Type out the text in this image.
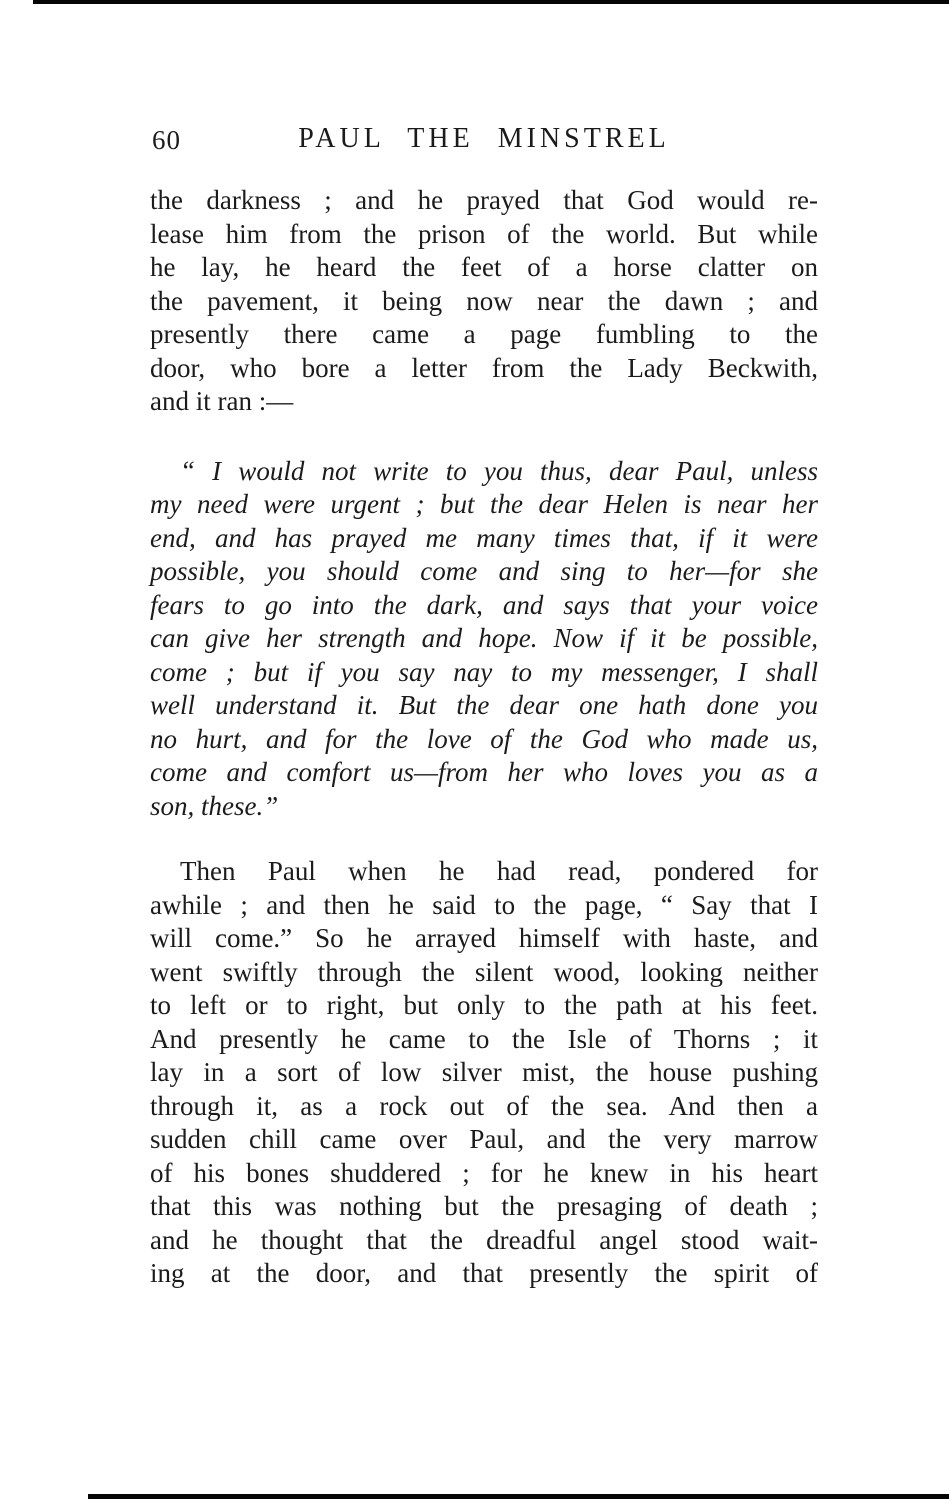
60	PAUL THE MINSTREL
the darkness ; and he prayed that God would re-
lease him from the prison of the world. But while
he lay, he heard the feet of a horse clatter on
the pavement, it being now near the dawn ; and
presently there came a page fumbling to the
door, who bore a letter from the Lady Beckwith,
and it ran :—
“ I would not write to you thus, dear Paul, unless
my need were urgent ; but the dear Helen is near her
end, and has prayed me many times that, if it were
possible, you should come and sing to her—for she
fears to go into the dark, and says that your voice
can give her strength and hope. Now if it be possible,
come ; but if you say nay to my messenger, I shall
well understand it. But the dear one hath done you
no hurt, and for the love of the God who made us,
come and comfort us—from her who loves you as a
son, these.”
Then Paul when he had read, pondered for
awhile ; and then he said to the page, “ Say that I
will come.” So he arrayed himself with haste, and
went swiftly through the silent wood, looking neither
to left or to right, but only to the path at his feet.
And presently he came to the Isle of Thorns ; it
lay in a sort of low silver mist, the house pushing
through it, as a rock out of the sea. And then a
sudden chill came over Paul, and the very marrow
of his bones shuddered ; for he knew in his heart
that this was nothing but the presaging of death ;
and he thought that the dreadful angel stood wait-
ing at the door, and that presently the spirit of
